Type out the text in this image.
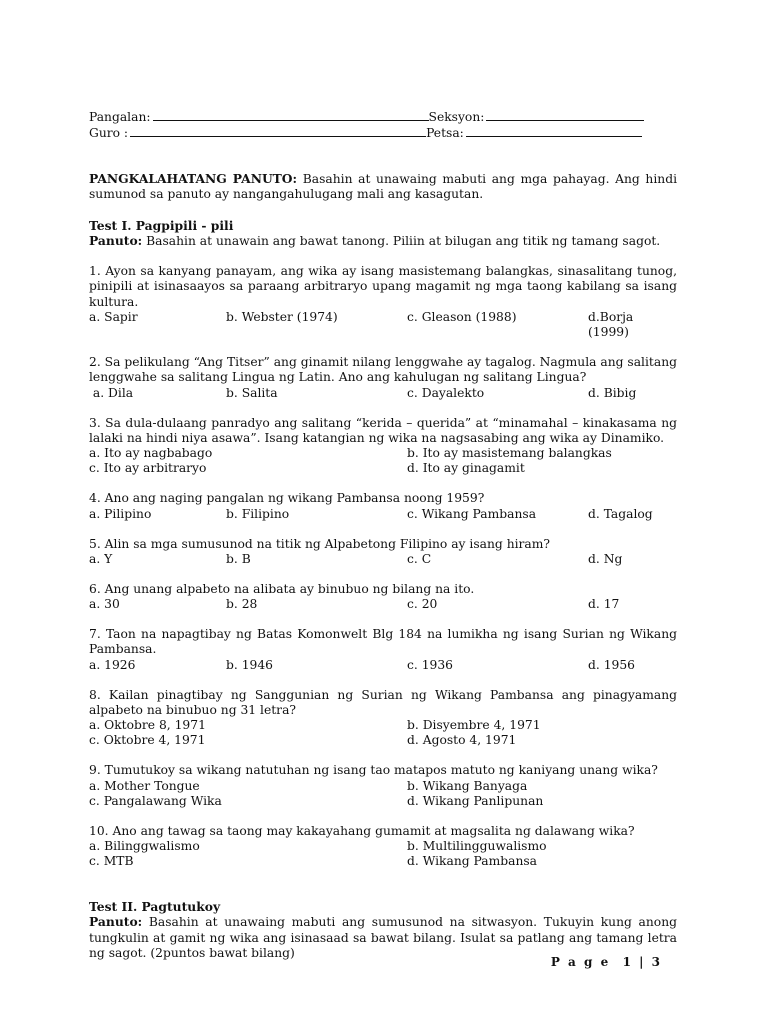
Pangalan:	Seksyon:
Guro :	Petsa:
PANGKALAHATANG PANUTO: Basahin at unawaing mabuti ang mga pahayag. Ang hindi sumunod sa panuto ay nangangahulugang mali ang kasagutan.
Test I. Pagpipili - pili
Panuto: Basahin at unawain ang bawat tanong. Piliin at bilugan ang titik ng tamang sagot.
1. Ayon sa kanyang panayam, ang wika ay isang masistemang balangkas, sinasalitang tunog, pinipili at isinasaayos sa paraang arbitraryo upang magamit ng mga taong kabilang sa isang kultura.
a. Sapir	b. Webster (1974)	c. Gleason (1988)	d.Borja (1999)
2. Sa pelikulang “Ang Titser” ang ginamit nilang lenggwahe ay tagalog. Nagmula ang salitang lenggwahe sa salitang Lingua ng Latin. Ano ang kahulugan ng salitang Lingua?
a. Dila	b. Salita	c. Dayalekto	d. Bibig
3. Sa dula-dulaang panradyo ang salitang “kerida – querida” at “minamahal – kinakasama ng lalaki na hindi niya asawa”. Isang katangian ng wika na nagsasabing ang wika ay Dinamiko.
a. Ito ay nagbabago	b. Ito ay masistemang balangkas
c. Ito ay arbitraryo	d. Ito ay ginagamit
4. Ano ang naging pangalan ng wikang Pambansa noong 1959?
a. Pilipino	b. Filipino	c. Wikang Pambansa	d. Tagalog
5. Alin sa mga sumusunod na titik ng Alpabetong Filipino ay isang hiram?
a. Y	b. B	c. C	d. Ng
6. Ang unang alpabeto na alibata ay binubuo ng bilang na ito.
a. 30	b. 28	c. 20	d. 17
7. Taon na napagtibay ng Batas Komonwelt Blg 184 na lumikha ng isang Surian ng Wikang Pambansa.
a. 1926	b. 1946	c. 1936	d. 1956
8. Kailan pinagtibay ng Sanggunian ng Surian ng Wikang Pambansa ang pinagyamang alpabeto na binubuo ng 31 letra?
a. Oktobre 8, 1971	b. Disyembre 4, 1971
c. Oktobre 4, 1971	d. Agosto 4, 1971
9. Tumutukoy sa wikang natutuhan ng isang tao matapos matuto ng kaniyang unang wika?
a. Mother Tongue	b. Wikang Banyaga
c. Pangalawang Wika	d. Wikang Panlipunan
10. Ano ang tawag sa taong may kakayahang gumamit at magsalita ng dalawang wika?
a. Bilinggwalismo	b. Multilingguwalismo
c. MTB	d. Wikang Pambansa
Test II. Pagtutukoy
Panuto: Basahin at unawaing mabuti ang sumusunod na sitwasyon. Tukuyin kung anong tungkulin at gamit ng wika ang isinasaad sa bawat bilang. Isulat sa patlang ang tamang letra ng sagot. (2puntos bawat bilang)
P a g e  1 | 3
